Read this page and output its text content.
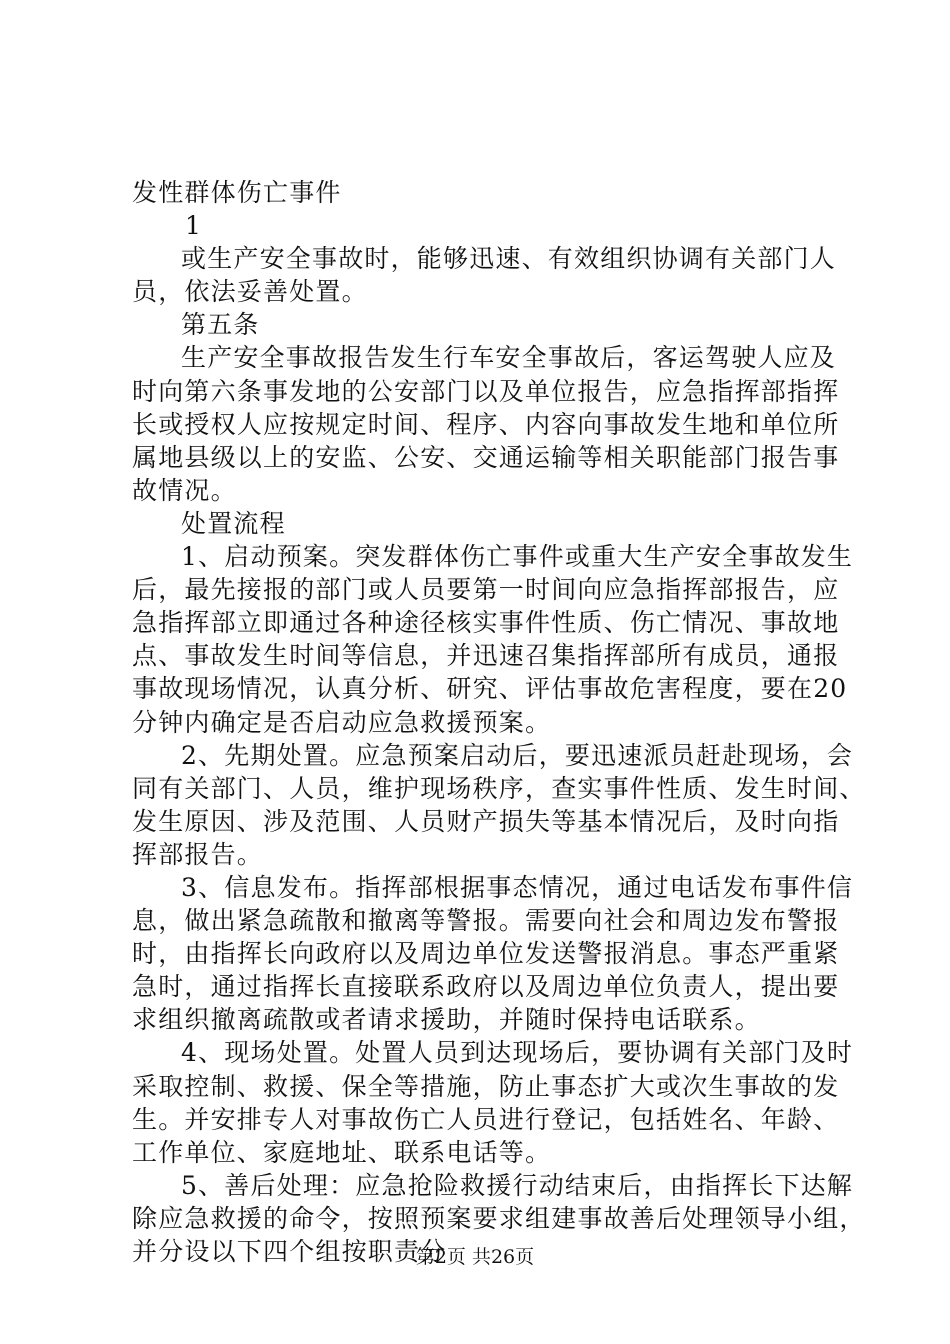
发性群体伤亡事件
1
或生产安全事故时，能够迅速、有效组织协调有关部门人
员，依法妥善处置。
第五条
生产安全事故报告发生行车安全事故后，客运驾驶人应及
时向第六条事发地的公安部门以及单位报告，应急指挥部指挥
长或授权人应按规定时间、程序、内容向事故发生地和单位所
属地县级以上的安监、公安、交通运输等相关职能部门报告事
故情况。
处置流程
1、启动预案。突发群体伤亡事件或重大生产安全事故发生
后，最先接报的部门或人员要第一时间向应急指挥部报告，应
急指挥部立即通过各种途径核实事件性质、伤亡情况、事故地
点、事故发生时间等信息，并迅速召集指挥部所有成员，通报
事故现场情况，认真分析、研究、评估事故危害程度，要在20
分钟内确定是否启动应急救援预案。
2、先期处置。应急预案启动后，要迅速派员赶赴现场，会
同有关部门、人员，维护现场秩序，查实事件性质、发生时间、
发生原因、涉及范围、人员财产损失等基本情况后，及时向指
挥部报告。
3、信息发布。指挥部根据事态情况，通过电话发布事件信
息，做出紧急疏散和撤离等警报。需要向社会和周边发布警报
时，由指挥长向政府以及周边单位发送警报消息。事态严重紧
急时，通过指挥长直接联系政府以及周边单位负责人，提出要
求组织撤离疏散或者请求援助，并随时保持电话联系。
4、现场处置。处置人员到达现场后，要协调有关部门及时
采取控制、救援、保全等措施，防止事态扩大或次生事故的发
生。并安排专人对事故伤亡人员进行登记，包括姓名、年龄、
工作单位、家庭地址、联系电话等。
5、善后处理：应急抢险救援行动结束后，由指挥长下达解
除应急救援的命令，按照预案要求组建事故善后处理领导小组，
并分设以下四个组按职责分
第2页 共26页
